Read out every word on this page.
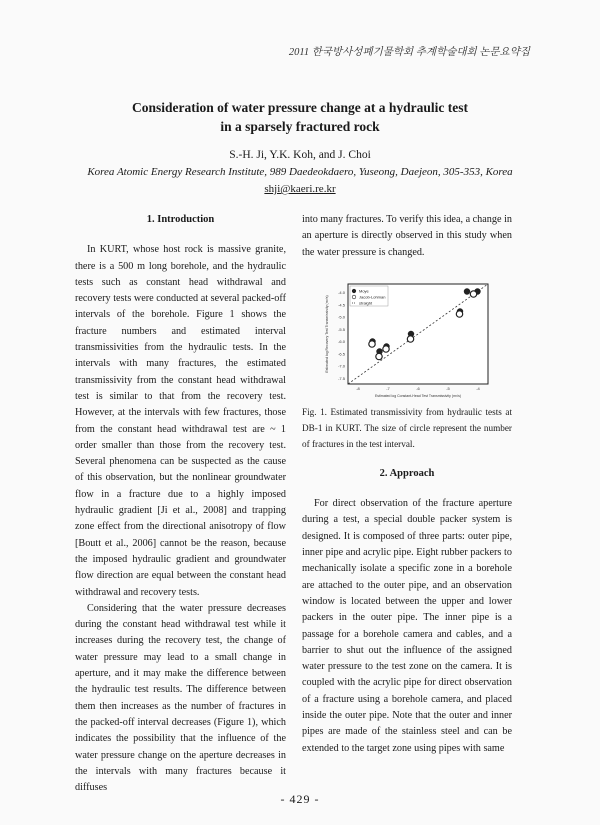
2011 한국방사성폐기물학회 추계학술대회 논문요약집
Consideration of water pressure change at a hydraulic test
in a sparsely fractured rock
S.-H. Ji, Y.K. Koh, and J. Choi
Korea Atomic Energy Research Institute, 989 Daedeokdaero, Yuseong, Daejeon, 305-353, Korea
shji@kaeri.re.kr
1. Introduction

In KURT, whose host rock is massive granite, there is a 500 m long borehole, and the hydraulic tests such as constant head withdrawal and recovery tests were conducted at several packed-off intervals of the borehole. Figure 1 shows the fracture numbers and estimated interval transmissivities from the hydraulic tests. In the intervals with many fractures, the estimated transmissivity from the constant head withdrawal test is similar to that from the recovery test. However, at the intervals with few fractures, those from the constant head withdrawal test are ~ 1 order smaller than those from the recovery test. Several phenomena can be suspected as the cause of this observation, but the nonlinear groundwater flow in a fracture due to a highly imposed hydraulic gradient [Ji et al., 2008] and trapping zone effect from the directional anisotropy of flow [Boutt et al., 2006] cannot be the reason, because the imposed hydraulic gradient and groundwater flow direction are equal between the constant head withdrawal and recovery tests.

Considering that the water pressure decreases during the constant head withdrawal test while it increases during the recovery test, the change of water pressure may lead to a small change in aperture, and it may make the difference between the hydraulic test results. The difference between them then increases as the number of fractures in the packed-off interval decreases (Figure 1), which indicates the possibility that the influence of the water pressure change on the aperture decreases in the intervals with many fractures because it diffuses

into many fractures. To verify this idea, a change in an aperture is directly observed in this study when the water pressure is changed.

-4.0
-4.5
-5.0
-5.5
-6.0
-6.5
-7.0
-7.5
-8	-7	-6	-5	-4
Estimated log Constant-Head Test Transmissivity (m²/s)
Estimated log Recovery Test Transmissivity (m²/s)
Moye
Jacob-Lohman
straight

Fig. 1. Estimated transmissivity from hydraulic tests at DB-1 in KURT. The size of circle represent the number of fractures in the test interval.

2. Approach

For direct observation of the fracture aperture during a test, a special double packer system is designed. It is composed of three parts: outer pipe, inner pipe and acrylic pipe. Eight rubber packers to mechanically isolate a specific zone in a borehole are attached to the outer pipe, and an observation window is located between the upper and lower packers in the outer pipe. The inner pipe is a passage for a borehole camera and cables, and a barrier to shut out the influence of the assigned water pressure to the test zone on the camera. It is coupled with the acrylic pipe for direct observation of a fracture using a borehole camera, and placed inside the outer pipe. Note that the outer and inner pipes are made of the stainless steel and can be extended to the target zone using pipes with same

- 429 -
